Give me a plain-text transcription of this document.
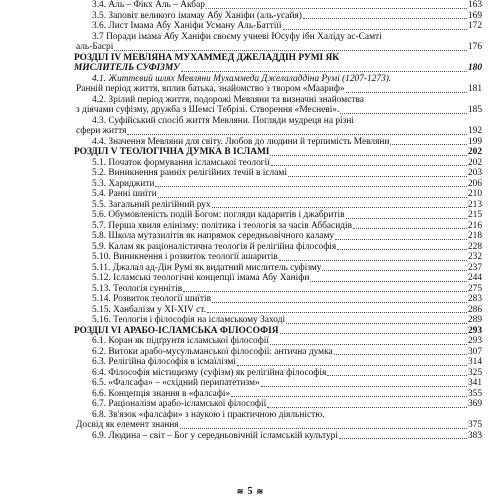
3.4. Аль – Фікх Аль – Акбар	163
3.5. Заповіт великого імамау Абу Ханіфи (аль-усайя)	169
3.6. Лист Імама Абу Ханіфи Усману Аль-Баттіїі	172
3.7 Поради імама Абу Ханіфи своєму учневі Юсуфу ібн Халіду ас-Самті
аль-Басрі	176
РОЗДІЛ IV МЕВЛЯНА МУХАММЕД ДЖЕЛАДДІН РУМІ ЯК
МИСЛИТЕЛЬ СУФІЗМУ	180
4.1. Життєвий шлях Мевляни Мухаммеда Джелаладдіна Румі (1207-1273).
Ранній період життя, вплив батька, знайомство з твором «Маариф»	181
4.2. Зрілий період життя, подорожі Мевляни та визначні знайомства
з діячами суфізму, дружба з Шемсі Тебрізі. Створення «Месневі».	185
4.3. Суфійський спосіб життя Мевляни. Погляди мудреця на різні
сфери життя	192
4.4. Значення Мевляни для світу. Любов до людини й терпимість Мевляни	199
РОЗДІЛ V ТЕОЛОГІЧНА ДУМКА В ІСЛАМІ	202
5.1. Початок формування ісламської теології	202
5.2. Виникнення ранніх релігійних течій в ісламі	203
5.3. Хариджити	206
5.4. Ранні шиїти	210
5.5. Загальний релігійний рух	213
5.6. Обумовленість подій Богом: погляди кадаритів і джабритів	215
5.7. Перша хвиля елінізму: політика і теологія за часів Аббасидів	216
5.8. Школа мутазилітів як напрямок середньовічного каламу	218
5.9. Калам як раціоналістична теологія й релігійна філософія	228
5.10. Виникнення і розвиток теології ашаритів	232
5.11. Джалал ад-Дін Румі як видатний мислитель суфізму	237
5.12. Ісламські теологічні концепції імама Абу Ханіфи	244
5.13. Теологія суннітів	275
5.14. Розвиток теології шиїтів	283
5.15. Ханбалізм у XI-XIV ст.	286
5.16. Теологія і філософія на ісламському Заході	289
РОЗДІЛ VI АРАБО-ІСЛАМСЬКА ФІЛОСОФІЯ	293
6.1. Коран як підґрунтя ісламської філософії	293
6.2. Витоки арабо-мусульманської філософії: антична думка	307
6.3. Релігійна філософія в ісмаїлізмі	314
6.4. Філософія містицизму (суфізм) як релігійна філософія	325
6.5. «Фалсафа» – «східний перипатетизм»	341
6.6. Концепція знання в «фалсафі»	355
6.7. Раціоналізм арабо-ісламської філософії	369
6.8. Зв'язок «фалсафи» з наукою і практичною діяльністю.
Досвід як елемент знання	375
6.9. Людина – світ – Бог у середньовічній ісламській культурі	383
≋ 5 ≋
